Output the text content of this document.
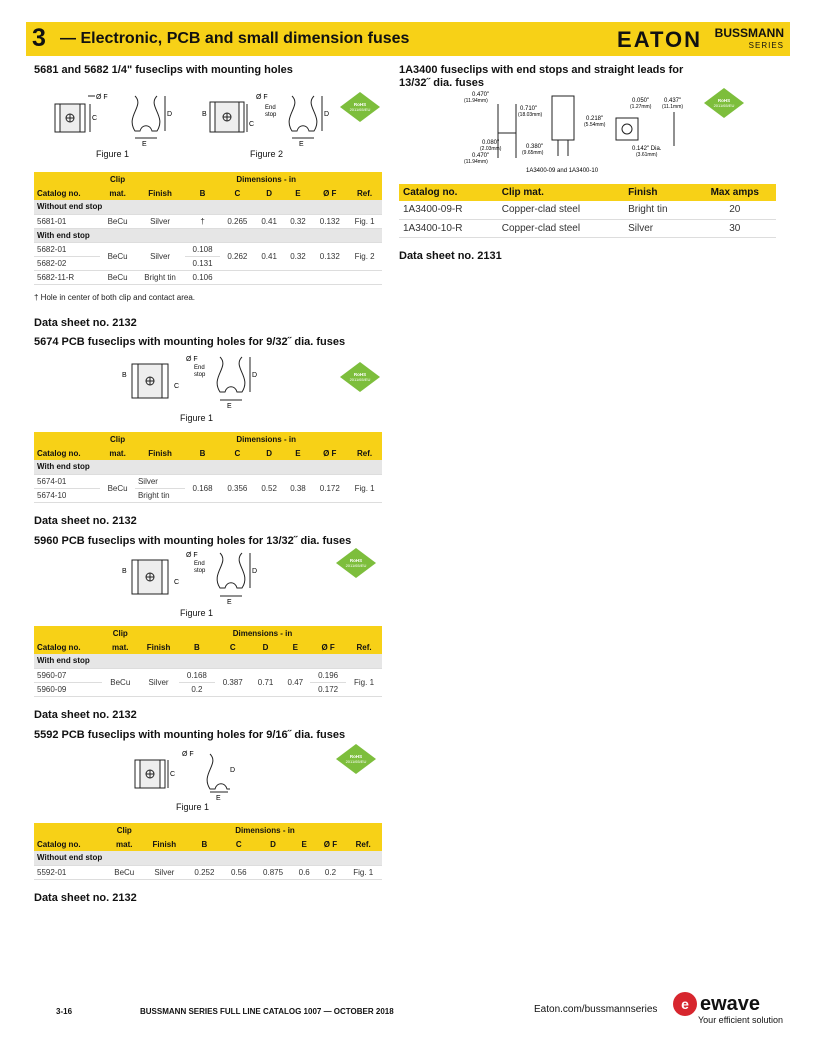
3 — Electronic, PCB and small dimension fuses	EATON BUSSMANN
SERIES
5681 and 5682 1/4" fuseclips with mounting holes
Ø F
C
E
D	B
Ø F
End
stop
C
E
D
Figure 1	Figure 2
RoHS
2011/65/EU
	Clip		Dimensions - in					
Catalog no.	mat.	Finish	B	C	D	E	Ø F	Ref.
Without end stop								
5681-01	BeCu	Silver	†	0.265	0.41	0.32	0.132	Fig. 1
With end stop								
5682-01	BeCu	Silver	0.108	0.262	0.41	0.32	0.132	Fig. 2
5682-02			0.131					
5682-11-R	BeCu	Bright tin	0.106					
† Hole in center of both clip and contact area.
Data sheet no. 2132
5674 PCB fuseclips with mounting holes for 9/32˝ dia. fuses
B
Ø F
End
stop
C
E
D	RoHS
2011/65/EU
Figure 1
	Clip		Dimensions - in					
Catalog no.	mat.	Finish	B	C	D	E	Ø F	Ref.
With end stop								
5674-01	BeCu	Silver	0.168	0.356	0.52	0.38	0.172	Fig. 1
5674-10		Bright tin						
Data sheet no. 2132
5960 PCB fuseclips with mounting holes for 13/32˝ dia. fuses
B
Ø F
End
stop
C
E
D
RoHS
2011/65/EU
Figure 1
	Clip		Dimensions - in					
Catalog no.	mat.	Finish	B	C	D	E	Ø F	Ref.
With end stop								
5960-07	BeCu	Silver	0.168	0.387	0.71	0.47	0.196	Fig. 1
5960-09			0.2				0.172	
Data sheet no. 2132
5592 PCB fuseclips with mounting holes for 9/16˝ dia. fuses
Ø F
C
E
D
RoHS
2011/65/EU
Figure 1
	Clip		Dimensions - in					
Catalog no.	mat.	Finish	B	C	D	E	Ø F	Ref.
Without end stop								
5592-01	BeCu	Silver	0.252	0.56	0.875	0.6	0.2	Fig. 1
Data sheet no. 2132
1A3400 fuseclips with end stops and straight leads for
13/32˝ dia. fuses
0.470"
(11.94mm)
0.710"
(18.03mm)
0.080"
(2.03mm)
0.470"
(11.94mm)
0.380"
(9.65mm)
0.218"
(5.54mm)
0.050"
(1.27mm)
0.437"
(11.1mm)
0.142" Dia.
(3.61mm)
1A3400-09 and 1A3400-10
RoHS
2011/65/EU
Catalog no.	Clip mat.	Finish	Max amps
1A3400-09-R	Copper-clad steel	Bright tin	20
1A3400-10-R	Copper-clad steel	Silver	30
Data sheet no. 2131
3-16	BUSSMANN SERIES FULL LINE CATALOG 1007 — OCTOBER 2018	Eaton.com/bussmannseries e ewave
Your efficient solution
